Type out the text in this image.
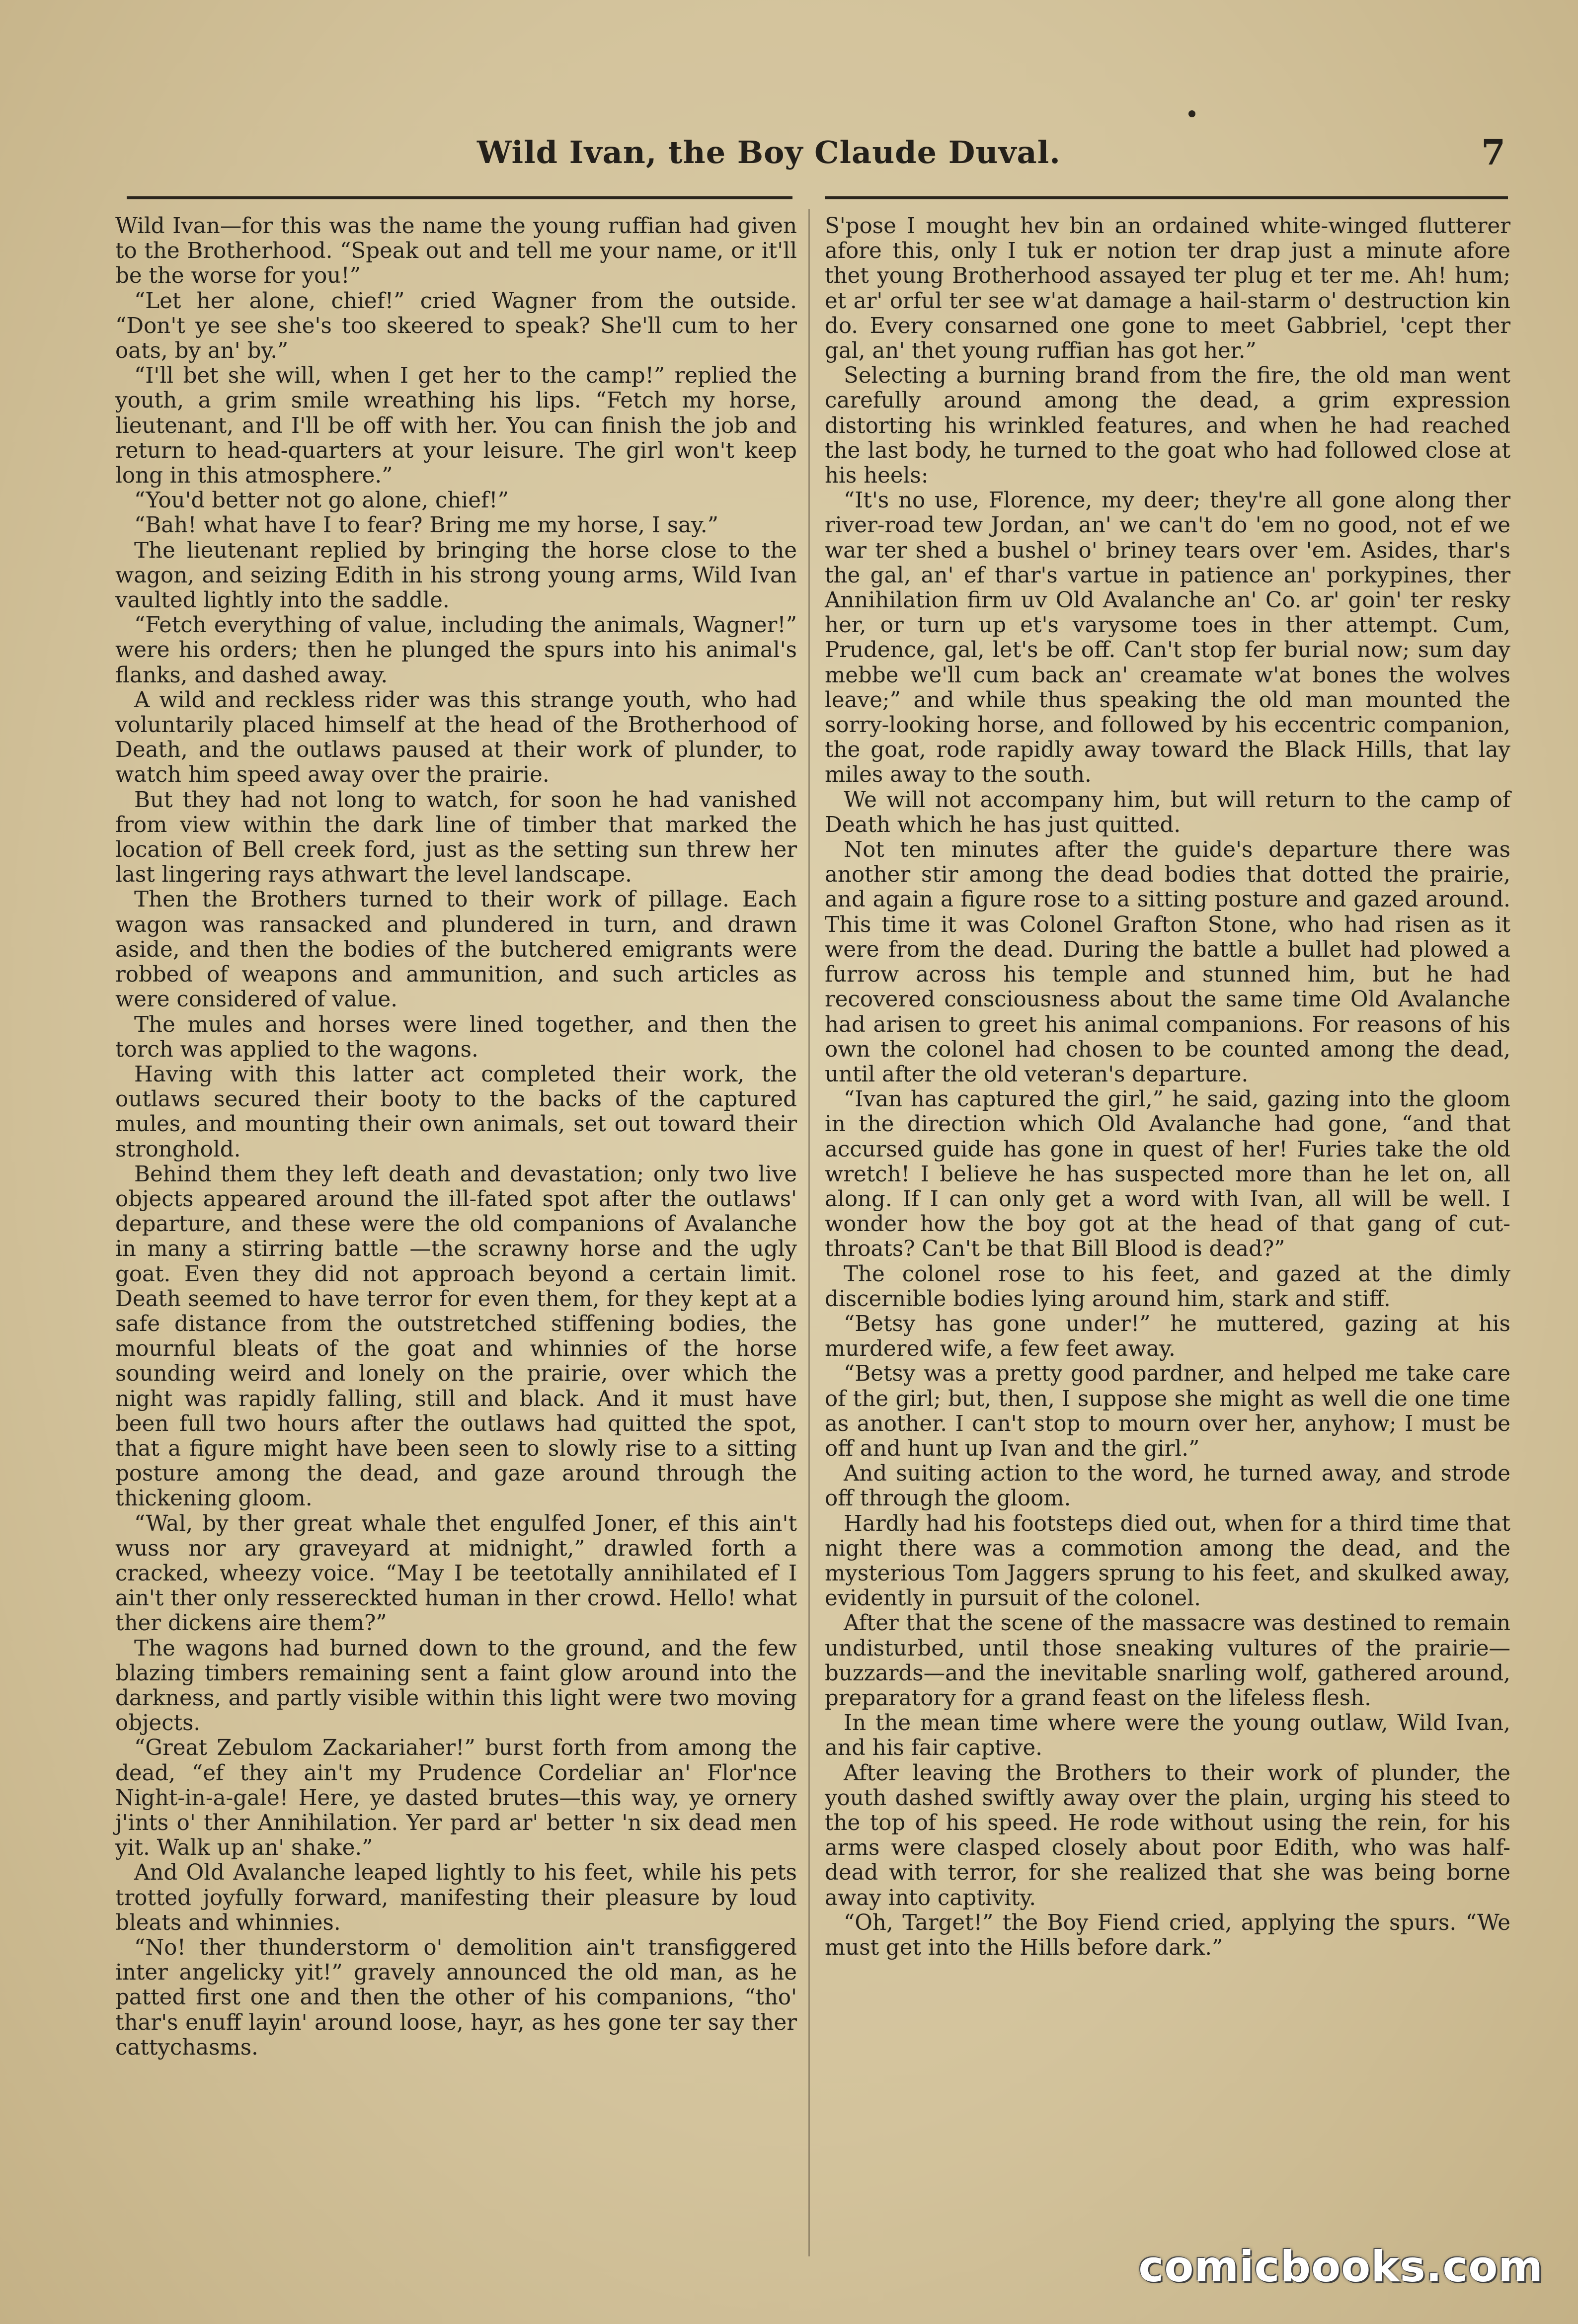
Wild Ivan, the Boy Claude Duval.	7

Wild Ivan—for this was the name the young ruffian had given to the Brotherhood. “Speak out and tell me your name, or it'll be the worse for you!”

“Let her alone, chief!” cried Wagner from the outside. “Don't ye see she's too skeered to speak? She'll cum to her oats, by an' by.”

“I'll bet she will, when I get her to the camp!” replied the youth, a grim smile wreathing his lips. “Fetch my horse, lieutenant, and I'll be off with her. You can finish the job and return to head-quarters at your leisure. The girl won't keep long in this atmosphere.”

“You'd better not go alone, chief!”

“Bah! what have I to fear? Bring me my horse, I say.”

The lieutenant replied by bringing the horse close to the wagon, and seizing Edith in his strong young arms, Wild Ivan vaulted lightly into the saddle.

“Fetch everything of value, including the animals, Wagner!” were his orders; then he plunged the spurs into his animal's flanks, and dashed away.

A wild and reckless rider was this strange youth, who had voluntarily placed himself at the head of the Brotherhood of Death, and the outlaws paused at their work of plunder, to watch him speed away over the prairie.

But they had not long to watch, for soon he had vanished from view within the dark line of timber that marked the location of Bell creek ford, just as the setting sun threw her last lingering rays athwart the level landscape.

Then the Brothers turned to their work of pillage. Each wagon was ransacked and plundered in turn, and drawn aside, and then the bodies of the butchered emigrants were robbed of weapons and ammunition, and such articles as were considered of value.

The mules and horses were lined together, and then the torch was applied to the wagons.

Having with this latter act completed their work, the outlaws secured their booty to the backs of the captured mules, and mounting their own animals, set out toward their stronghold.

Behind them they left death and devastation; only two live objects appeared around the ill-fated spot after the outlaws' departure, and these were the old companions of Avalanche in many a stirring battle —the scrawny horse and the ugly goat. Even they did not approach beyond a certain limit. Death seemed to have terror for even them, for they kept at a safe distance from the outstretched stiffening bodies, the mournful bleats of the goat and whinnies of the horse sounding weird and lonely on the prairie, over which the night was rapidly falling, still and black. And it must have been full two hours after the outlaws had quitted the spot, that a figure might have been seen to slowly rise to a sitting posture among the dead, and gaze around through the thickening gloom.

“Wal, by ther great whale thet engulfed Joner, ef this ain't wuss nor ary graveyard at midnight,” drawled forth a cracked, wheezy voice. “May I be teetotally annihilated ef I ain't ther only ressereckted human in ther crowd. Hello! what ther dickens aire them?”

The wagons had burned down to the ground, and the few blazing timbers remaining sent a faint glow around into the darkness, and partly visible within this light were two moving objects.

“Great Zebulom Zackariaher!” burst forth from among the dead, “ef they ain't my Prudence Cordeliar an' Flor'nce Night-in-a-gale! Here, ye dasted brutes—this way, ye ornery j'ints o' ther Annihilation. Yer pard ar' better 'n six dead men yit. Walk up an' shake.”

And Old Avalanche leaped lightly to his feet, while his pets trotted joyfully forward, manifesting their pleasure by loud bleats and whinnies.

“No! ther thunderstorm o' demolition ain't transfiggered inter angelicky yit!” gravely announced the old man, as he patted first one and then the other of his companions, “tho' thar's enuff layin' around loose, hayr, as hes gone ter say ther cattychasms.

S'pose I mought hev bin an ordained white-winged flutterer afore this, only I tuk er notion ter drap just a minute afore thet young Brotherhood assayed ter plug et ter me. Ah! hum; et ar' orful ter see w'at damage a hail-starm o' destruction kin do. Every consarned one gone to meet Gabbriel, 'cept ther gal, an' thet young ruffian has got her.”

Selecting a burning brand from the fire, the old man went carefully around among the dead, a grim expression distorting his wrinkled features, and when he had reached the last body, he turned to the goat who had followed close at his heels:

“It's no use, Florence, my deer; they're all gone along ther river-road tew Jordan, an' we can't do 'em no good, not ef we war ter shed a bushel o' briney tears over 'em. Asides, thar's the gal, an' ef thar's vartue in patience an' porkypines, ther Annihilation firm uv Old Avalanche an' Co. ar' goin' ter resky her, or turn up et's varysome toes in ther attempt. Cum, Prudence, gal, let's be off. Can't stop fer burial now; sum day mebbe we'll cum back an' creamate w'at bones the wolves leave;” and while thus speaking the old man mounted the sorry-looking horse, and followed by his eccentric companion, the goat, rode rapidly away toward the Black Hills, that lay miles away to the south.

We will not accompany him, but will return to the camp of Death which he has just quitted.

Not ten minutes after the guide's departure there was another stir among the dead bodies that dotted the prairie, and again a figure rose to a sitting posture and gazed around. This time it was Colonel Grafton Stone, who had risen as it were from the dead. During the battle a bullet had plowed a furrow across his temple and stunned him, but he had recovered consciousness about the same time Old Avalanche had arisen to greet his animal companions. For reasons of his own the colonel had chosen to be counted among the dead, until after the old veteran's departure.

“Ivan has captured the girl,” he said, gazing into the gloom in the direction which Old Avalanche had gone, “and that accursed guide has gone in quest of her! Furies take the old wretch! I believe he has suspected more than he let on, all along. If I can only get a word with Ivan, all will be well. I wonder how the boy got at the head of that gang of cut-throats? Can't be that Bill Blood is dead?”

The colonel rose to his feet, and gazed at the dimly discernible bodies lying around him, stark and stiff.

“Betsy has gone under!” he muttered, gazing at his murdered wife, a few feet away.

“Betsy was a pretty good pardner, and helped me take care of the girl; but, then, I suppose she might as well die one time as another. I can't stop to mourn over her, anyhow; I must be off and hunt up Ivan and the girl.”

And suiting action to the word, he turned away, and strode off through the gloom.

Hardly had his footsteps died out, when for a third time that night there was a commotion among the dead, and the mysterious Tom Jaggers sprung to his feet, and skulked away, evidently in pursuit of the colonel.

After that the scene of the massacre was destined to remain undisturbed, until those sneaking vultures of the prairie—buzzards—and the inevitable snarling wolf, gathered around, preparatory for a grand feast on the lifeless flesh.

In the mean time where were the young outlaw, Wild Ivan, and his fair captive.

After leaving the Brothers to their work of plunder, the youth dashed swiftly away over the plain, urging his steed to the top of his speed. He rode without using the rein, for his arms were clasped closely about poor Edith, who was half-dead with terror, for she realized that she was being borne away into captivity.

“Oh, Target!” the Boy Fiend cried, applying the spurs. “We must get into the Hills before dark.”

comicbooks.com
